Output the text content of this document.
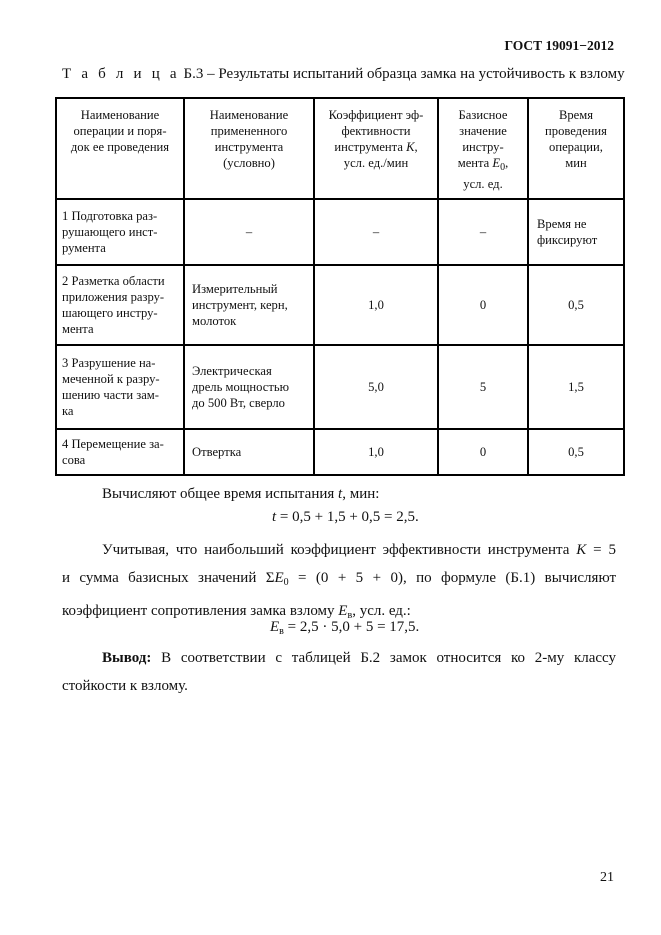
ГОСТ 19091−2012
Т а б л и ц а Б.3 – Результаты испытаний образца замка на устойчивость к взлому
Наименование
операции и поря-
док ее проведения	Наименование
примененного
инструмента
(условно)	Коэффициент эф-
фективности
инструмента K,
усл. ед./мин	Базисное
значение
инстру-
мента $E_0$,
усл. ед.	Время
проведения
операции,
мин

1 Подготовка раз-
рушающего инст-
румента	–	–	–	Время не
фиксируют

2 Разметка области
приложения разру-
шающего инстру-
мента	Измерительный
инструмент, керн,
молоток	1,0	0	0,5

3 Разрушение на-
меченной к разру-
шению части зам-
ка	Электрическая
дрель мощностью
до 500 Вт, сверло	5,0	5	1,5

4 Перемещение за-
сова	Отвертка	1,0	0	0,5
Вычисляют общее время испытания t, мин:
t = 0,5 + 1,5 + 0,5 = 2,5.
Учитывая, что наибольший коэффициент эффективности инструмента K = 5
и сумма базисных значений $\Sigma E_0 = (0 + 5 + 0)$, по формуле (Б.1) вычисляют
коэффициент сопротивления замка взлому $E_в$, усл. ед.:
$E_в = 2,5 \cdot 5,0 + 5 = 17,5$.
Вывод: В соответствии с таблицей Б.2 замок относится ко 2-му классу
стойкости к взлому.
21
